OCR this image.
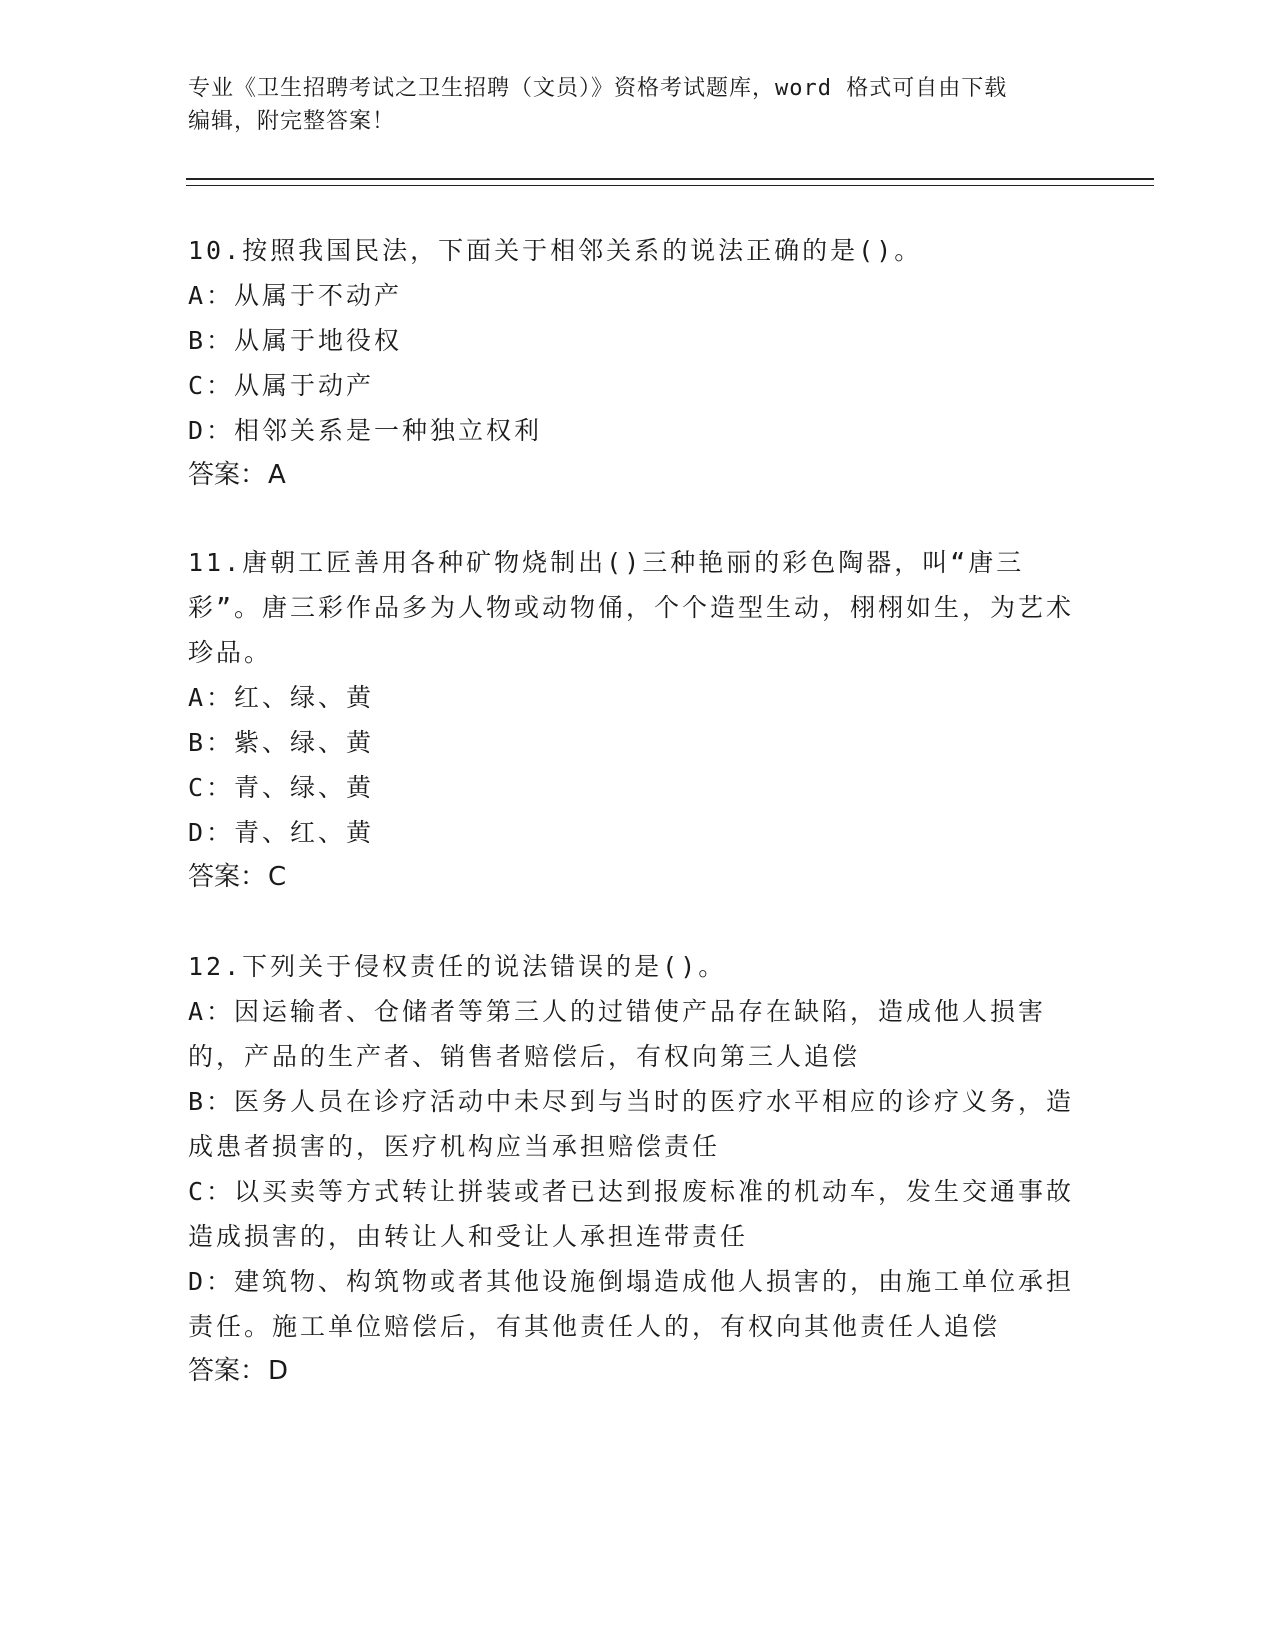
专业《卫生招聘考试之卫生招聘（文员）》资格考试题库，word 格式可自由下载
编辑，附完整答案！

10.按照我国民法，下面关于相邻关系的说法正确的是()。

A：从属于不动产

B：从属于地役权

C：从属于动产

D：相邻关系是一种独立权利

答案：A

11.唐朝工匠善用各种矿物烧制出()三种艳丽的彩色陶器，叫“唐三彩”。唐三彩作品多为人物或动物俑，个个造型生动，栩栩如生，为艺术珍品。

A：红、绿、黄

B：紫、绿、黄

C：青、绿、黄

D：青、红、黄

答案：C

12.下列关于侵权责任的说法错误的是()。

A：因运输者、仓储者等第三人的过错使产品存在缺陷，造成他人损害的，产品的生产者、销售者赔偿后，有权向第三人追偿

B：医务人员在诊疗活动中未尽到与当时的医疗水平相应的诊疗义务，造成患者损害的，医疗机构应当承担赔偿责任

C：以买卖等方式转让拼装或者已达到报废标准的机动车，发生交通事故造成损害的，由转让人和受让人承担连带责任

D：建筑物、构筑物或者其他设施倒塌造成他人损害的，由施工单位承担责任。施工单位赔偿后，有其他责任人的，有权向其他责任人追偿

答案：D
